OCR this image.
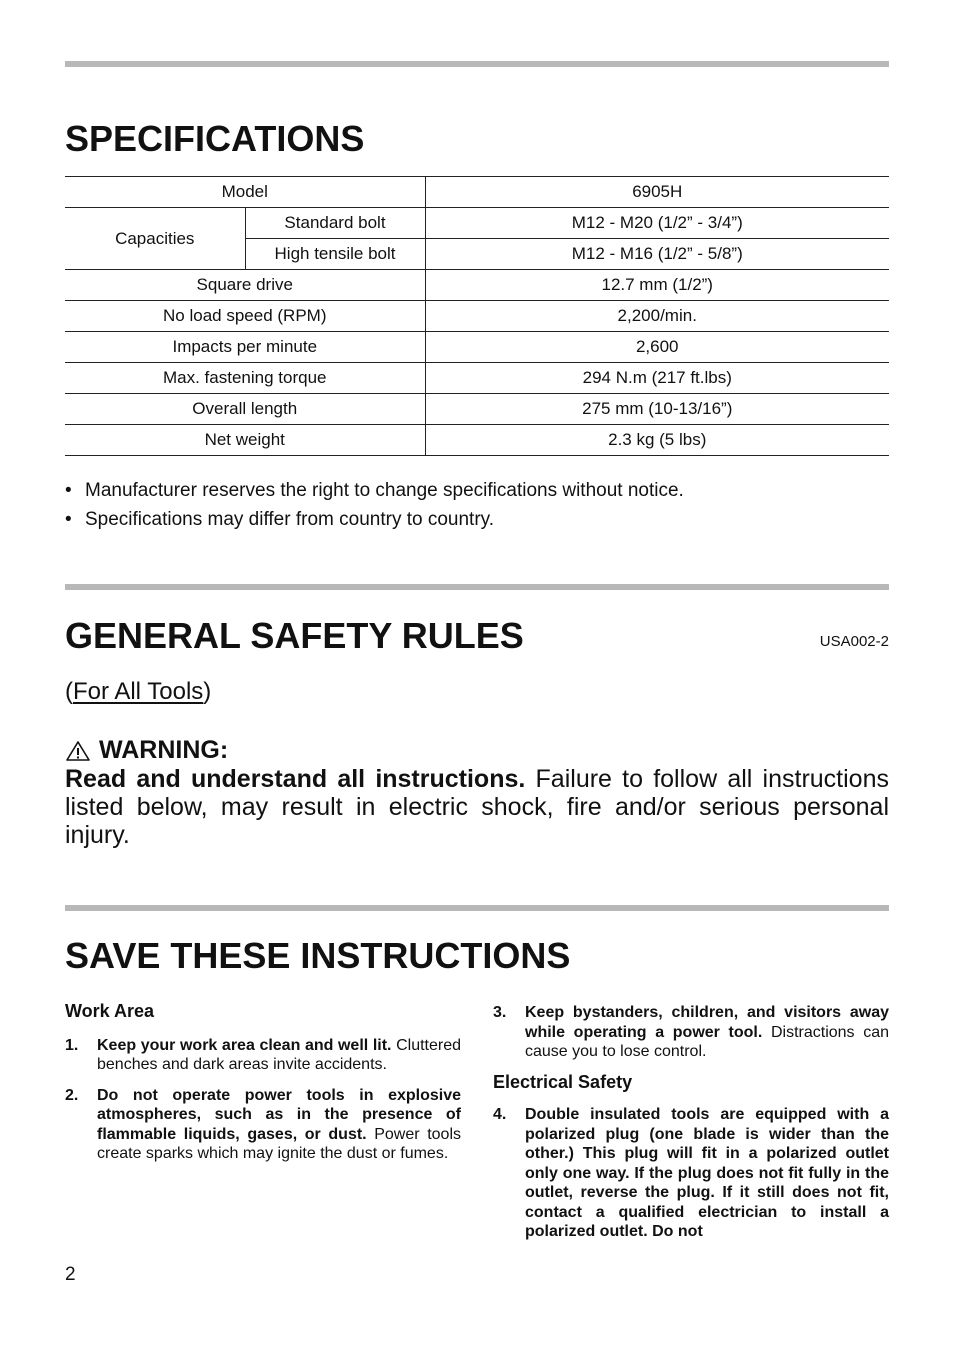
SPECIFICATIONS
Model		6905H
Capacities	Standard bolt	M12 - M20 (1/2” - 3/4”)
	High tensile bolt	M12 - M16 (1/2” - 5/8”)
Square drive		12.7 mm (1/2”)
No load speed (RPM)		2,200/min.
Impacts per minute		2,600
Max. fastening torque		294 N.m (217 ft.lbs)
Overall length		275 mm (10-13/16”)
Net weight		2.3 kg (5 lbs)
• Manufacturer reserves the right to change specifications without notice.
• Specifications may differ from country to country.
GENERAL SAFETY RULES	USA002-2
(For All Tools)
WARNING:
Read and understand all instructions. Failure to follow all instructions listed below, may result in electric shock, fire and/or serious personal injury.
SAVE THESE INSTRUCTIONS
Work Area
1.	Keep your work area clean and well lit. Cluttered benches and dark areas invite accidents.
2.	Do not operate power tools in explosive atmospheres, such as in the presence of flammable liquids, gases, or dust. Power tools create sparks which may ignite the dust or fumes.
3.	Keep bystanders, children, and visitors away while operating a power tool. Distractions can cause you to lose control.
Electrical Safety
4.	Double insulated tools are equipped with a polarized plug (one blade is wider than the other.) This plug will fit in a polarized outlet only one way. If the plug does not fit fully in the outlet, reverse the plug. If it still does not fit, contact a qualified electrician to install a polarized outlet. Do not
2
